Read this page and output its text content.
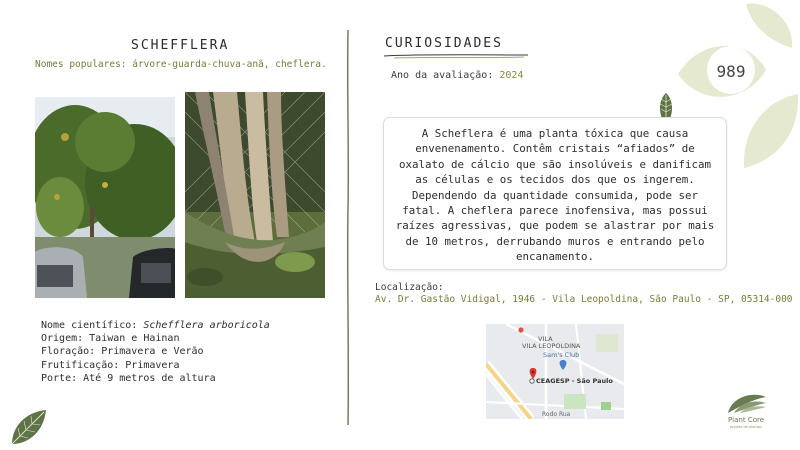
989
SCHEFFLERA
Nomes populares: árvore-guarda-chuva-anã, cheflera.
Nome científico: Schefflera arboricola
Origem: Taiwan e Hainan
Floração: Primavera e Verão
Frutificação: Primavera
Porte: Até 9 metros de altura
CURIOSIDADES
Ano da avaliação: 2024
A Scheflera é uma planta tóxica que causa envenenamento. Contêm cristais “afiados” de oxalato de cálcio que são insolúveis e danificam as células e os tecidos dos que os ingerem. Dependendo da quantidade consumida, pode ser fatal. A cheflera parece inofensiva, mas possui raízes agressivas, que podem se alastrar por mais de 10 metros, derrubando muros e entrando pelo encanamento.
Localização:
Av. Dr. Gastão Vidigal, 1946 - Vila Leopoldina, São Paulo - SP, 05314-000
VILA
VILA LEOPOLDINA
Sam's Club
CEAGESP - São Paulo
Rodo Rua
Plant Core
projeto de plantas
